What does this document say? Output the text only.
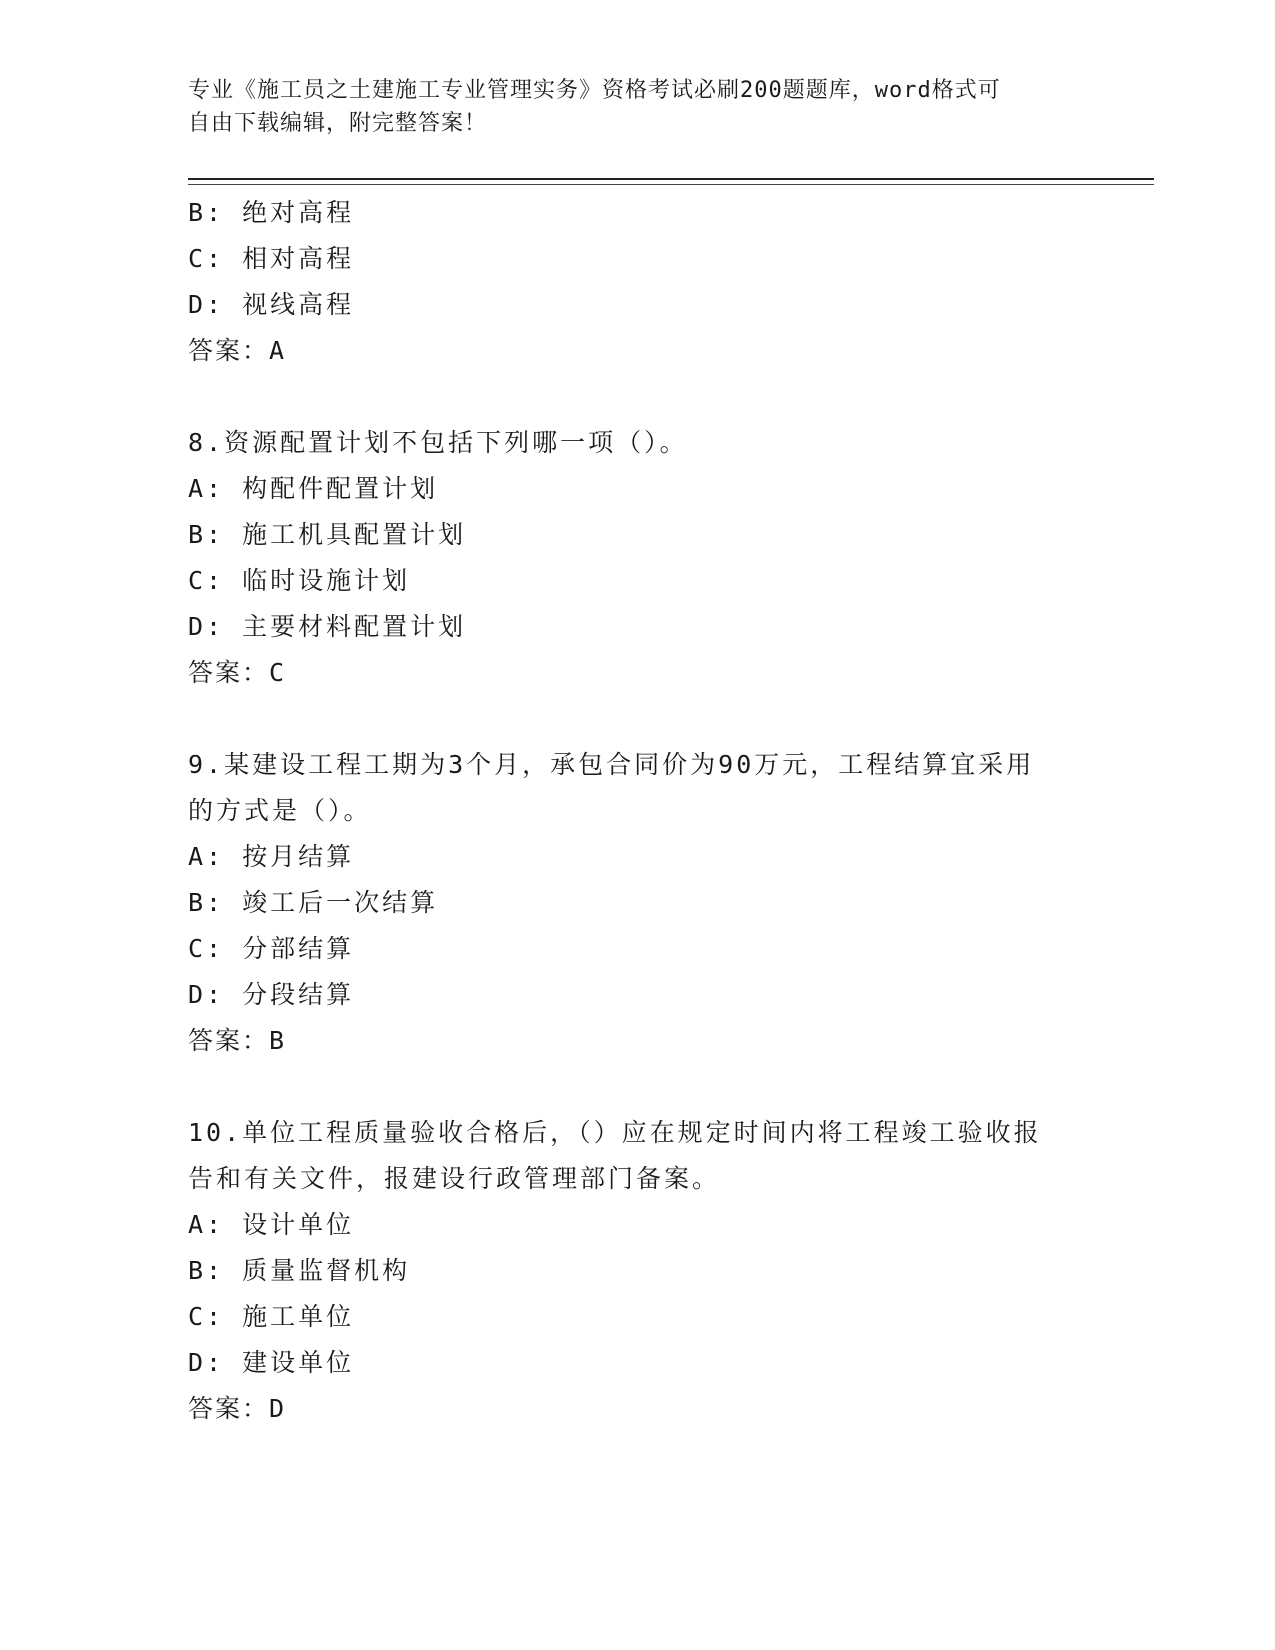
专业《施工员之土建施工专业管理实务》资格考试必刷200题题库，word格式可
自由下载编辑，附完整答案！
B: 绝对高程
C: 相对高程
D: 视线高程
答案：A
8.资源配置计划不包括下列哪一项（）。
A: 构配件配置计划
B: 施工机具配置计划
C: 临时设施计划
D: 主要材料配置计划
答案：C
9.某建设工程工期为3个月，承包合同价为90万元，工程结算宜采用
的方式是（）。
A: 按月结算
B: 竣工后一次结算
C: 分部结算
D: 分段结算
答案：B
10.单位工程质量验收合格后，（）应在规定时间内将工程竣工验收报
告和有关文件，报建设行政管理部门备案。
A: 设计单位
B: 质量监督机构
C: 施工单位
D: 建设单位
答案：D
